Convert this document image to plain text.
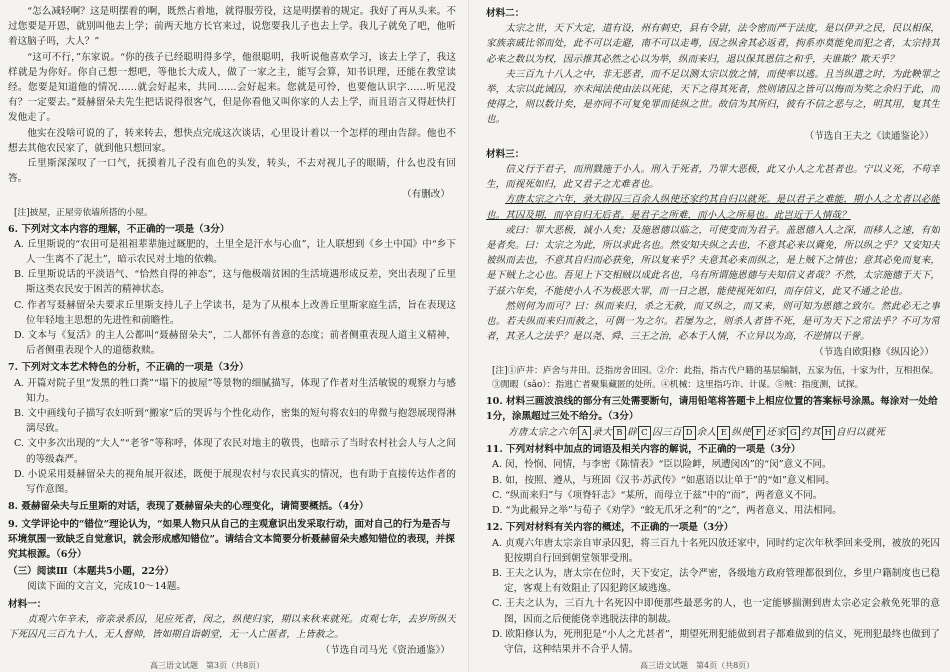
“怎么减轻啊？这是明摆着的啊，既然占着地，就得服劳役，这是明摆着的规定。我好了再从头来。不过您要是开恩，就别叫他去上学；前两天地方长官来过，说您要我儿子也去上学。我儿子就免了吧，他听着这脑子吗，大人？”

“这可不行，”东家说。“你的孩子已经聪明得多学，他很聪明，我听说他喜欢学习，该去上学了，我这样就是为你好。你自己想一想吧，等他长大成人，做了一家之主，能写会算，知书识理，还能在教堂读经。您要是知道他的情况……就会好起来，共同……会好起来。您就是可怜，也要他认识字……听见没有？一定要去。”聂赫留朵夫先生把话说得很客气，但是你看他又叫你家的人去上学，而且语言又得赶快打发他走了。

他实在没啥可说的了，转来转去，想快点完成这次谈话，心里设计着以一个怎样的理由告辞。他也不想去其他农民家了，就到他只想回家。

丘里斯深深叹了一口气，抚摸着儿子没有血色的头发，转头，不去对视儿子的眼睛，什么也没有回答。

（有删改）
[注]披屋，正屋旁依墙所搭的小屋。
6. 下列对文本内容的理解，不正确的一项是（3分）
A. 丘里斯说的“农田可是祖祖辈辈施过厩肥的，土里全是汗水与心血”，让人联想到《乡土中国》中“乡下人一生离不了泥土”，暗示农民对土地的依赖。
B. 丘里斯说话的平淡语气、“恰然自得的神态”，这与他极端贫困的生活境遇形成反差，突出表现了丘里斯这类农民安于困苦的精神状态。
C. 作者写聂赫留朵夫要求丘里斯支持儿子上学读书，是为了从根本上改善丘里斯家庭生活，旨在表现这位年轻地主思想的先进性和前瞻性。
D. 文本与《复活》的主人公都叫“聂赫留朵夫”，二人都怀有善意的态度；前者侧重表现人道主义精神，后者侧重表现个人的道德救赎。
7. 下列对文本艺术特色的分析，不正确的一项是（3分）
A. 开篇对院子里“发黑的牲口粪”“塌下的披屋”等景物的细腻描写，体现了作者对生活敏锐的观察力与感知力。
B. 文中画线句子描写农妇听到“搬家”后的哭诉与个性化动作，密集的短句将农妇的卑微与抱怨展现得淋漓尽致。
C. 文中多次出现的“大人”“老爷”等称呼，体现了农民对地主的敬畏，也暗示了当时农村社会人与人之间的等级森严。
D. 小说采用聂赫留朵夫的视角展开叙述，既便于展现农村与农民真实的情况，也有助于直接传达作者的写作意图。
8. 聂赫留朵夫与丘里斯的对话，表现了聂赫留朵夫的心理变化，请简要概括。（4分）
9. 文学评论中的“错位”理论认为，“如果人物只从自己的主观意识出发采取行动，面对自己的行为是否与环境氛围一致缺乏自觉意识，就会形成感知错位”。请结合文本简要分析聂赫留朵夫感知错位的表现，并探究其根源。（6分）
（三）阅读Ⅲ（本题共5小题，22分）

阅读下面的文言文，完成10～14题。

材料一：

贞观六年辛未，帝亲录系囚，见应死者，闵之，纵使归家，期以来秋来就死。贞观七年，去岁所纵天下死囚凡三百九十人，无人督帅，皆如期自诣朝堂，无一人亡匿者，上皆赦之。

（节选自司马光《资治通鉴》）
高三语文试题　第3页（共8页）
材料二：

太宗之世，天下大定，道有设，州有刺史，县有令尉，法令密而严于法度，是以伊尹之民，民以相保，家族亲戚比邻而处，此不可以走避，南不可以走粤，因之纵舍其必返者，拘系亦莫能免而犯之者，太宗持其必来之数以为权，因示推其必然之心以为举，纵而来归，退以保其恩信之和乎，夫谁欺？欺天乎？

夫三百九十八人之中，非无恶者，而不足以测太宗以放之情，而使率以逃。且当纵遣之时，为此鞅罪之举，太宗以此诫囚，亦未闻法使由法以死徒，天下之得其死者，然则诸囚之皆可以悔而为奖之余归于此，而使得之，则以数计矣，是亦同不可复免罪而徒纵之世。故信为其所归，彼有不信之恶与之，明其用，复其生也。

（节选自王夫之《读通鉴论》）
材料三：

信义行于君子，而刑戮施于小人。刑入于死者，乃罪大恶极，此又小人之尤甚者也。宁以义死，不苟幸生，而视死如归，此又君子之尤难者也。

方唐太宗之六年，录大辟囚三百余人纵使还家约其自归以就死。是以君子之难能，期小人之尤者以必能也。其囚及期，而卒自归无后者。是君子之所难，而小人之所易也。此岂近于人情哉？

或曰：罪大恶极，诚小人矣；及施恩德以临之，可使变而为君子。盖恩德入人之深，而移人之速，有如是者矣。曰：太宗之为此，所以求此名也。然安知夫纵之去也，不意其必来以冀免，所以纵之乎？又安知夫被纵而去也，不意其自归而必获免，所以复来乎？夫意其必来而纵之，是上贼下之情也；意其必免而复来，是下贼上之心也。吾见上下交相贼以成此名也，乌有所谓施恩德与夫知信义者哉？不然，太宗施德于天下，于兹六年矣，不能使小人不为极恶大罪，而一日之恩，能使视死如归，而存信义，此又不通之论也。

然则何为而可？曰：纵而来归，杀之无赦，而又纵之，而又来，则可知为恩德之致尔。然此必无之事也。若夫纵而来归而赦之，可偶一为之尔。若屡为之，则杀人者皆不死，是可为天下之常法乎？不可为常者，其圣人之法乎？是以尧、舜、三王之治，必本于人情，不立异以为高，不逆情以干誉。

（节选自欧阳修《纵囚论》）
[注]①庐井：庐舍与井田。泛指房舍田园。②介：此指，指古代户籍的基层编制，五家为伍，十家为什，互相担保。③閒暇（sǎo）：指逃亡者聚集藏匿的处所。④机械：这里指巧诈、计谋。⑤贼：指度测，试探。
10. 材料三画波浪线的部分有三处需要断句，请用铅笔将答题卡上相应位置的答案标号涂黑。每涂对一处给1分，涂黑超过三处不给分。（3分）
方唐太宗之六年 A 录大 B 辟 C 囚三百 D 余人 E 纵使 F 还家 G 约其 H 自归以就死
11. 下列对材料中加点的词语及相关内容的解说，不正确的一项是（3分）
A. 闵，怜悯、同情，与李密《陈情表》“臣以险衅，夙遭闵凶”的“闵”意义不同。
B. 如，按照、遵从，与班固《汉书·苏武传》“如惠语以让单于”的“如”意义相同。
C. “纵而来归”与《项脊轩志》“某所，而母立于兹”中的“而”，两者意义不同。
D. “为此赧异之举”与荀子《劝学》“蛟无爪牙之利”的“之”，两者意义、用法相同。
12. 下列对材料有关内容的概述，不正确的一项是（3分）
A. 贞观六年唐太宗亲自审录囚犯，将三百九十名死囚放还家中，同时约定次年秋季回来受刑，被放的死囚犯按期自行回到朝堂领罪受刑。
B. 王夫之认为，唐太宗在位时，天下安定，法令严密，各级地方政府管理都很到位，乡里户籍制度也已稳定，客观上有效阻止了囚犯跨区域逃逸。
C. 王夫之认为，三百九十名死囚中即便那些最恶劣的人，也一定能够揣测到唐太宗必定会赦免死罪的意图，因而之后便能侥幸逃脱法律的制裁。
D. 欧阳修认为，死刑犯是“小人之尤甚者”，期望死刑犯能做到君子都难做到的信义，死刑犯最终也做到了守信，这种结果并不合乎人情。
高三语文试题　第4页（共8页）
